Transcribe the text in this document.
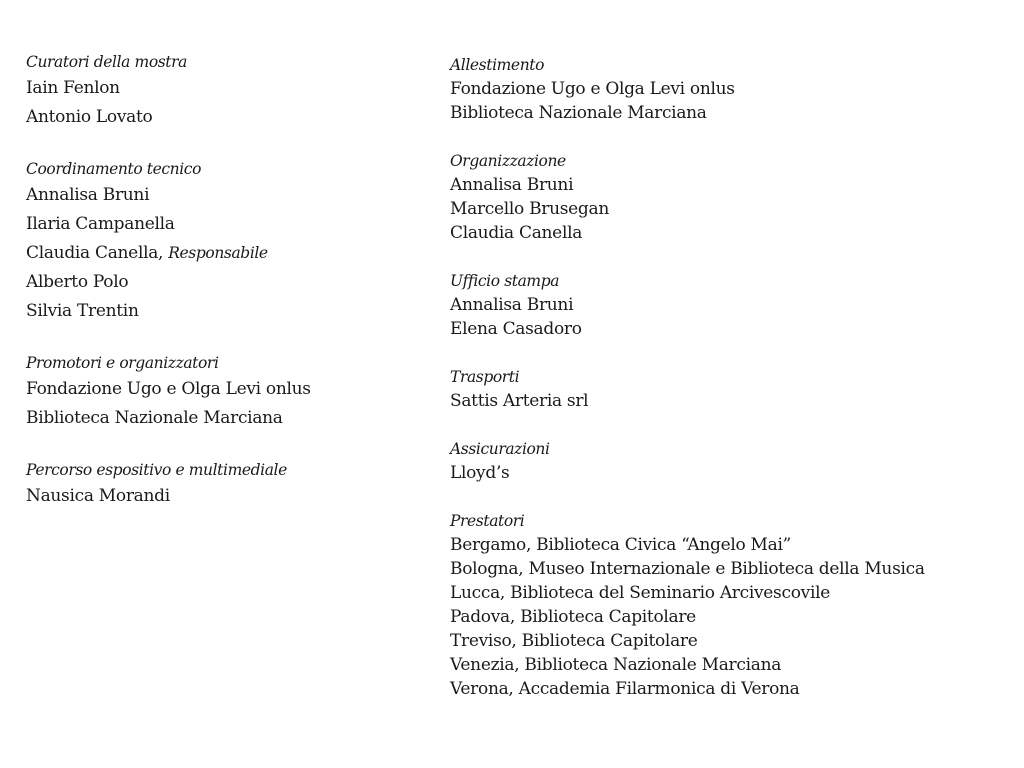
Curatori della mostra
Iain Fenlon
Antonio Lovato
Coordinamento tecnico
Annalisa Bruni
Ilaria Campanella
Claudia Canella, Responsabile
Alberto Polo
Silvia Trentin
Promotori e organizzatori
Fondazione Ugo e Olga Levi onlus
Biblioteca Nazionale Marciana
Percorso espositivo e multimediale
Nausica Morandi
Allestimento
Fondazione Ugo e Olga Levi onlus
Biblioteca Nazionale Marciana
Organizzazione
Annalisa Bruni
Marcello Brusegan
Claudia Canella
Ufficio stampa
Annalisa Bruni
Elena Casadoro
Trasporti
Sattis Arteria srl
Assicurazioni
Lloyd’s
Prestatori
Bergamo, Biblioteca Civica “Angelo Mai”
Bologna, Museo Internazionale e Biblioteca della Musica
Lucca, Biblioteca del Seminario Arcivescovile
Padova, Biblioteca Capitolare
Treviso, Biblioteca Capitolare
Venezia, Biblioteca Nazionale Marciana
Verona, Accademia Filarmonica di Verona
